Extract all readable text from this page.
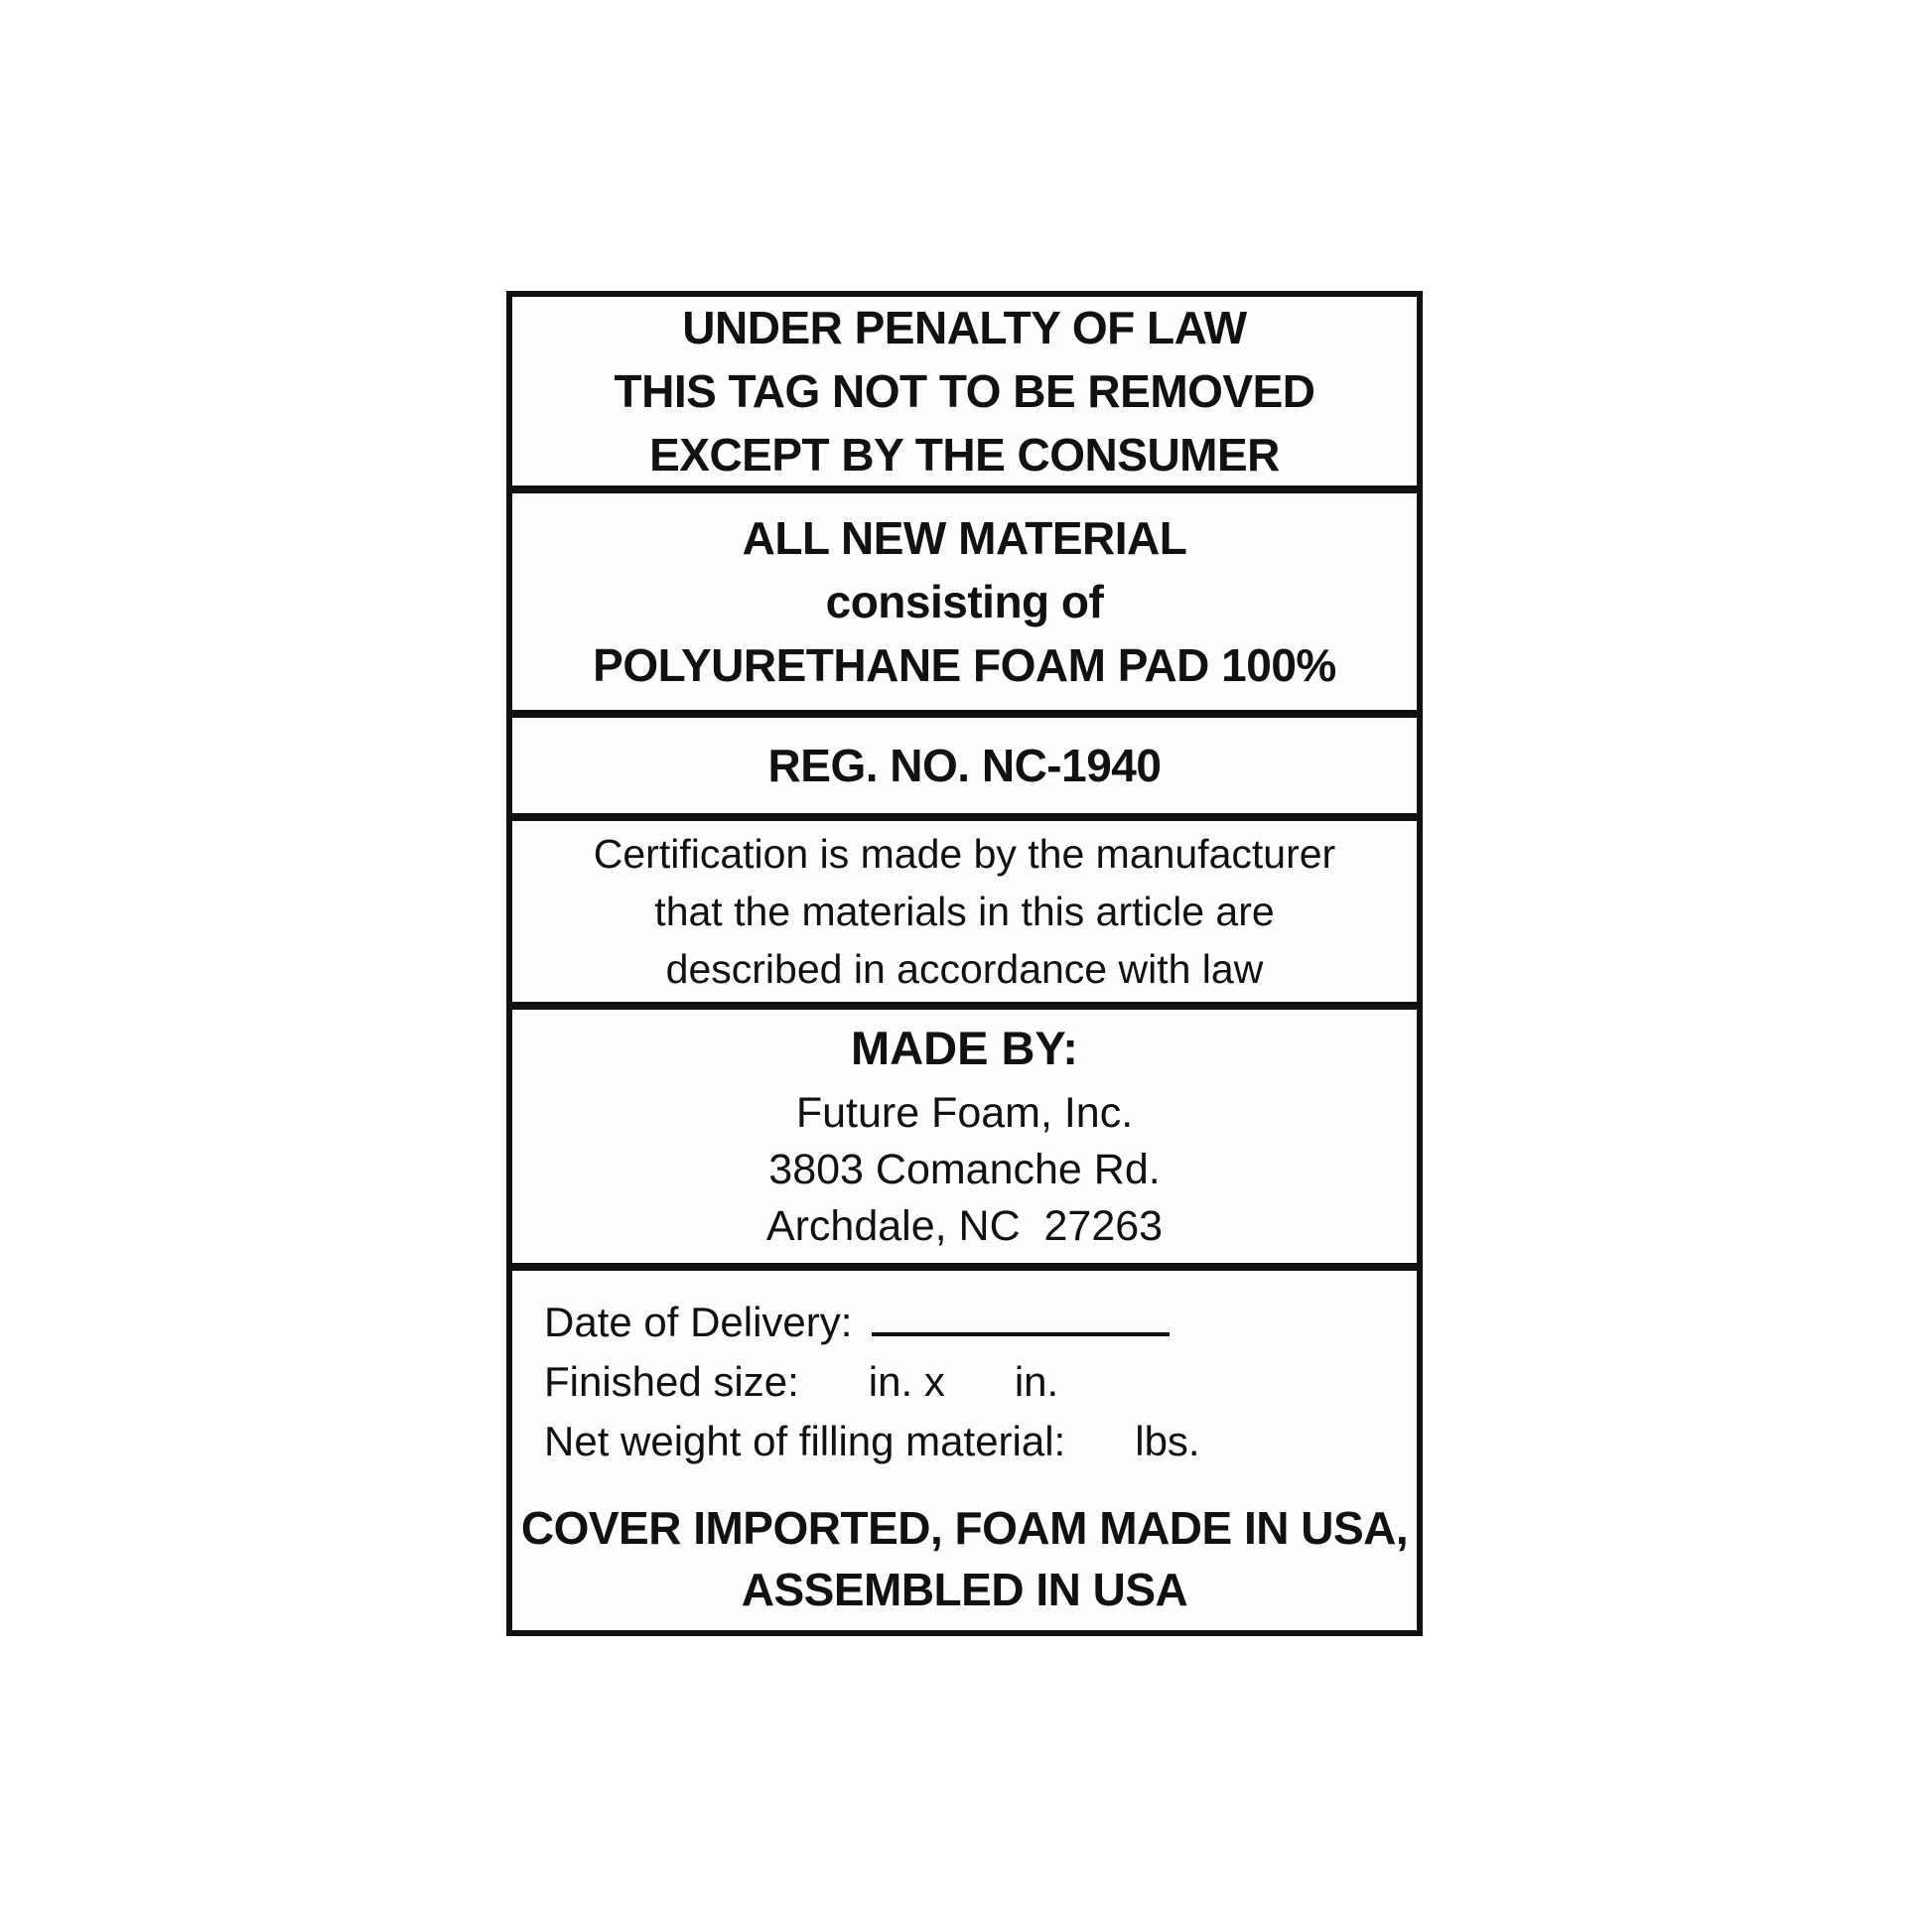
UNDER PENALTY OF LAW
THIS TAG NOT TO BE REMOVED
EXCEPT BY THE CONSUMER
ALL NEW MATERIAL
consisting of
POLYURETHANE FOAM PAD 100%
REG. NO. NC-1940
Certification is made by the manufacturer
that the materials in this article are
described in accordance with law
MADE BY:
Future Foam, Inc.
3803 Comanche Rd.
Archdale, NC  27263
Date of Delivery:
Finished size:      in. x      in.
Net weight of filling material:      lbs.
COVER IMPORTED, FOAM MADE IN USA,
ASSEMBLED IN USA
